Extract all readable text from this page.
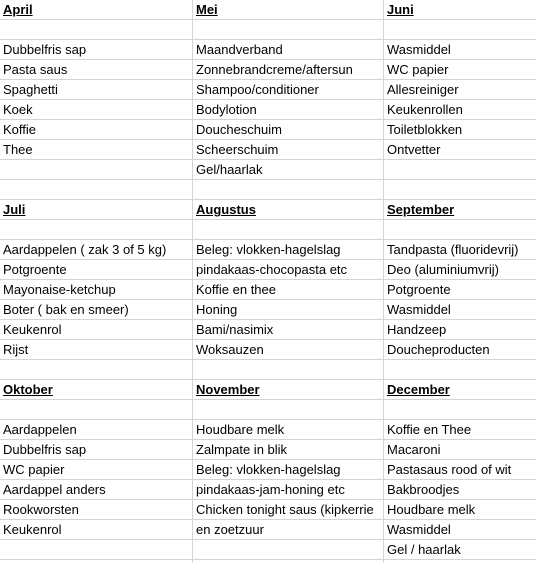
April
Dubbelfris sap
Pasta saus
Spaghetti
Koek
Koffie
Thee
Juli
Aardappelen ( zak 3 of 5 kg)
Potgroente
Mayonaise-ketchup
Boter ( bak en smeer)
Keukenrol
Rijst
Oktober
Aardappelen
Dubbelfris sap
WC papier
Aardappel anders
Rookworsten
Keukenrol
Mei
Maandverband
Zonnebrandcreme/aftersun
Shampoo/conditioner
Bodylotion
Doucheschuim
Scheerschuim
Gel/haarlak
Augustus
Beleg: vlokken-hagelslag
pindakaas-chocopasta etc
Koffie en thee
Honing
Bami/nasimix
Woksauzen
November
Houdbare melk
Zalmpate in blik
Beleg: vlokken-hagelslag
pindakaas-jam-honing etc
Chicken tonight saus (kipkerrie
en zoetzuur
Juni
Wasmiddel
WC papier
Allesreiniger
Keukenrollen
Toiletblokken
Ontvetter
September
Tandpasta (fluoridevrij)
Deo (aluminiumvrij)
Potgroente
Wasmiddel
Handzeep
Doucheproducten
December
Koffie en Thee
Macaroni
Pastasaus rood of wit
Bakbroodjes
Houdbare melk
Wasmiddel
Gel / haarlak
